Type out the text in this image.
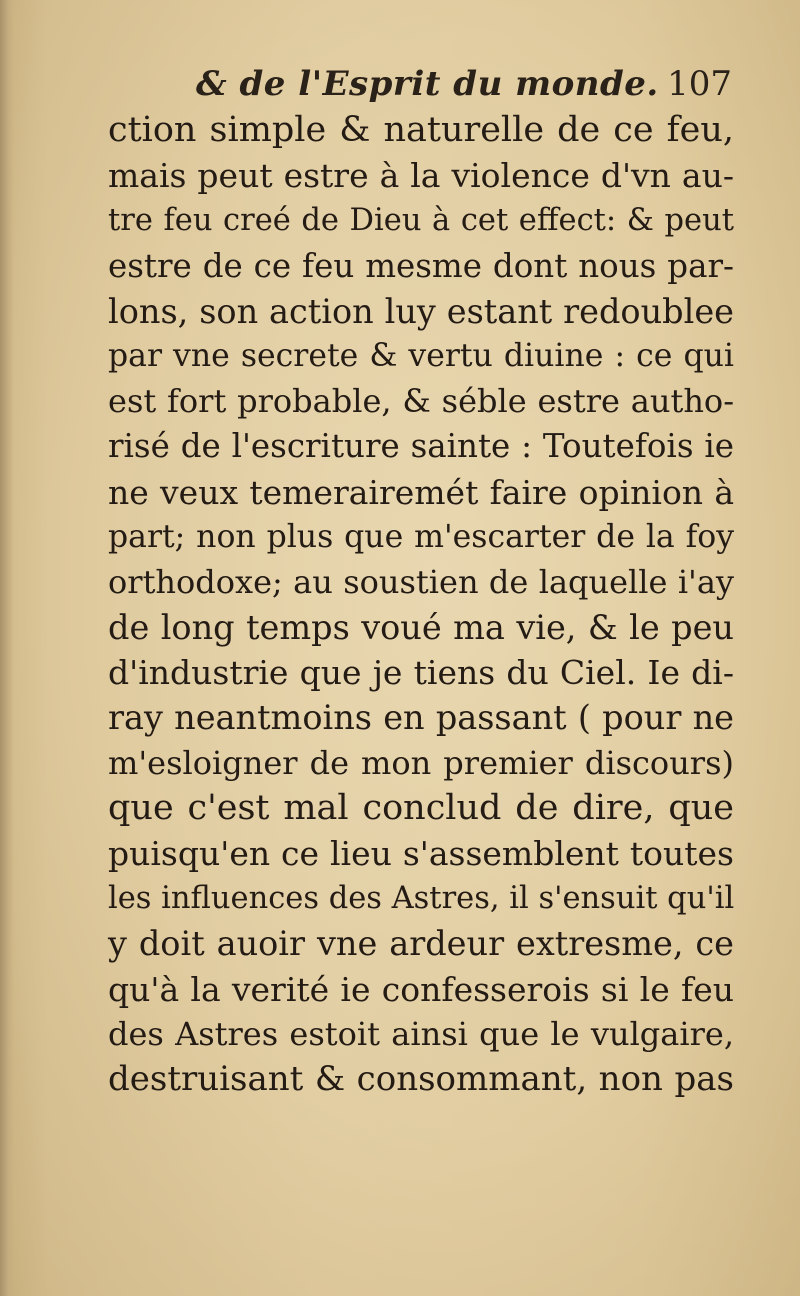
& de l'Esprit du monde. 107
ction simple & naturelle de ce feu,
mais peut estre à la violence d'vn au-
tre feu creé de Dieu à cet effect: & peut
estre de ce feu mesme dont nous par-
lons, son action luy estant redoublee
par vne secrete & vertu diuine : ce qui
est fort probable, & séble estre autho-
risé de l'escriture sainte : Toutefois ie
ne veux temerairemét faire opinion à
part; non plus que m'escarter de la foy
orthodoxe; au soustien de laquelle i'ay
de long temps voué ma vie, & le peu
d'industrie que je tiens du Ciel. Ie di-
ray neantmoins en passant ( pour ne
m'esloigner de mon premier discours)
que c'est mal conclud de dire, que
puisqu'en ce lieu s'assemblent toutes
les influences des Astres, il s'ensuit qu'il
y doit auoir vne ardeur extresme, ce
qu'à la verité ie confesserois si le feu
des Astres estoit ainsi que le vulgaire,
destruisant & consommant, non pas
